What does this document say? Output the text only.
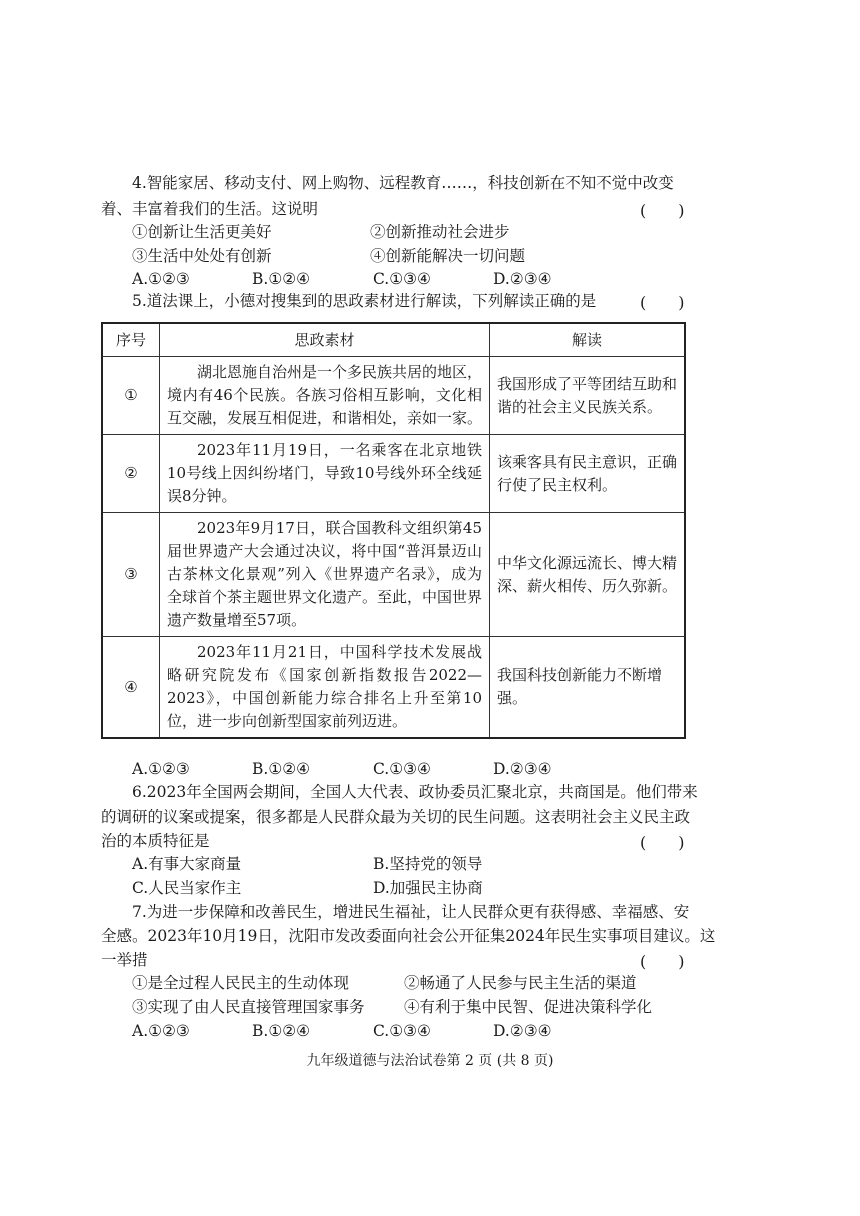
4.智能家居、移动支付、网上购物、远程教育……，科技创新在不知不觉中改变
着、丰富着我们的生活。这说明	(　　)
①创新让生活更美好	②创新推动社会进步
③生活中处处有创新	④创新能解决一切问题
A.①②③	B.①②④	C.①③④	D.②③④
5.道法课上，小德对搜集到的思政素材进行解读，下列解读正确的是	(　　)
序号	思政素材	解读
①	湖北恩施自治州是一个多民族共居的地区，境内有46个民族。各族习俗相互影响，文化相互交融，发展互相促进，和谐相处，亲如一家。	我国形成了平等团结互助和谐的社会主义民族关系。
②	2023年11月19日，一名乘客在北京地铁10号线上因纠纷堵门，导致10号线外环全线延误8分钟。	该乘客具有民主意识，正确行使了民主权利。
③	2023年9月17日，联合国教科文组织第45届世界遗产大会通过决议，将中国“普洱景迈山古茶林文化景观”列入《世界遗产名录》，成为全球首个茶主题世界文化遗产。至此，中国世界遗产数量增至57项。	中华文化源远流长、博大精深、薪火相传、历久弥新。
④	2023年11月21日，中国科学技术发展战略研究院发布《国家创新指数报告2022—2023》，中国创新能力综合排名上升至第10位，进一步向创新型国家前列迈进。	我国科技创新能力不断增强。
A.①②③	B.①②④	C.①③④	D.②③④
6.2023年全国两会期间，全国人大代表、政协委员汇聚北京，共商国是。他们带来
的调研的议案或提案，很多都是人民群众最为关切的民生问题。这表明社会主义民主政
治的本质特征是	(　　)
A.有事大家商量	B.坚持党的领导
C.人民当家作主	D.加强民主协商
7.为进一步保障和改善民生，增进民生福祉，让人民群众更有获得感、幸福感、安
全感。2023年10月19日，沈阳市发改委面向社会公开征集2024年民生实事项目建议。这
一举措	(　　)
①是全过程人民民主的生动体现	②畅通了人民参与民主生活的渠道
③实现了由人民直接管理国家事务	④有利于集中民智、促进决策科学化
A.①②③	B.①②④	C.①③④	D.②③④
九年级道德与法治试卷第 2 页 (共 8 页)
